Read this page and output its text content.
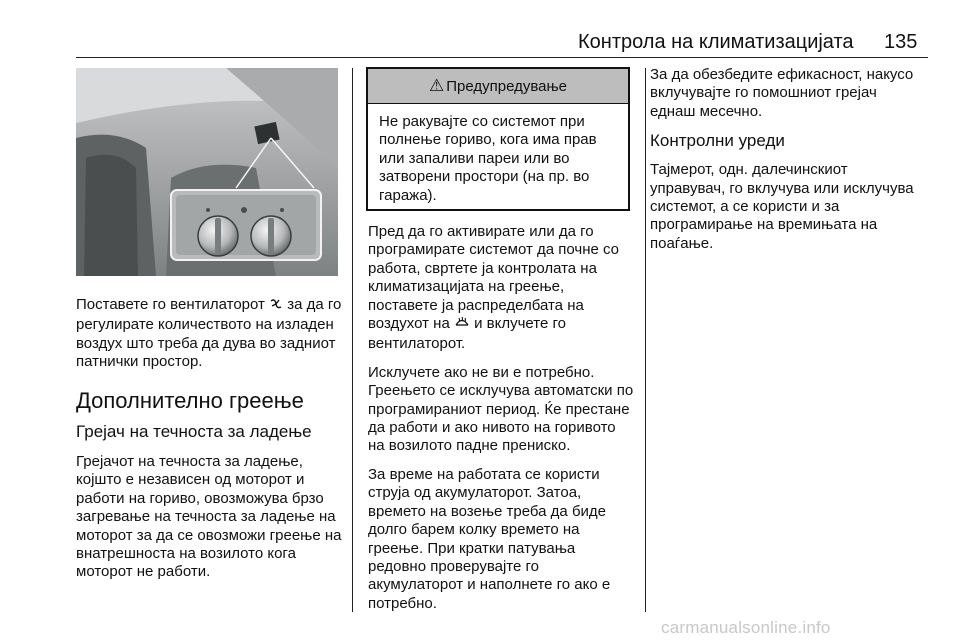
Контрола на климатизацијата 135

Поставете го вентилаторот  за да го регулирате количеството на изладен воздух што треба да дува во задниот патнички простор.

Дополнително греење
Грејач на течноста за ладење

Грејачот на течноста за ладење, којшто е независен од моторот и работи на гориво, овозможува брзо загревање на течноста за ладење на моторот за да се овозможи греење на внатрешноста на возилото кога моторот не работи.

⚠ Предупредување
Не ракувајте со системот при полнење гориво, кога има прав или запаливи пареи или во затворени простори (на пр. во гаража).

Пред да го активирате или да го програмирате системот да почне со работа, свртете ја контролата на климатизацијата на греење, поставете ја распределбата на воздухот на  и вклучете го вентилаторот.

Исклучете ако не ви е потребно. Греењето се исклучува автоматски по програмираниот период. Ќе престане да работи и ако нивото на горивото на возилото падне прениско.

За време на работата се користи струја од акумулаторот. Затоа, времето на возење треба да биде долго барем колку времето на греење. При кратки патувања редовно проверувајте го акумулаторот и наполнете го ако е потребно.

За да обезбедите ефикасност, накусо вклучувајте го помошниот грејач еднаш месечно.

Контролни уреди

Тајмерот, одн. далечинскиот управувач, го вклучува или исклучува системот, а се користи и за програмирање на времињата на поаѓање.

carmanualsonline.info
